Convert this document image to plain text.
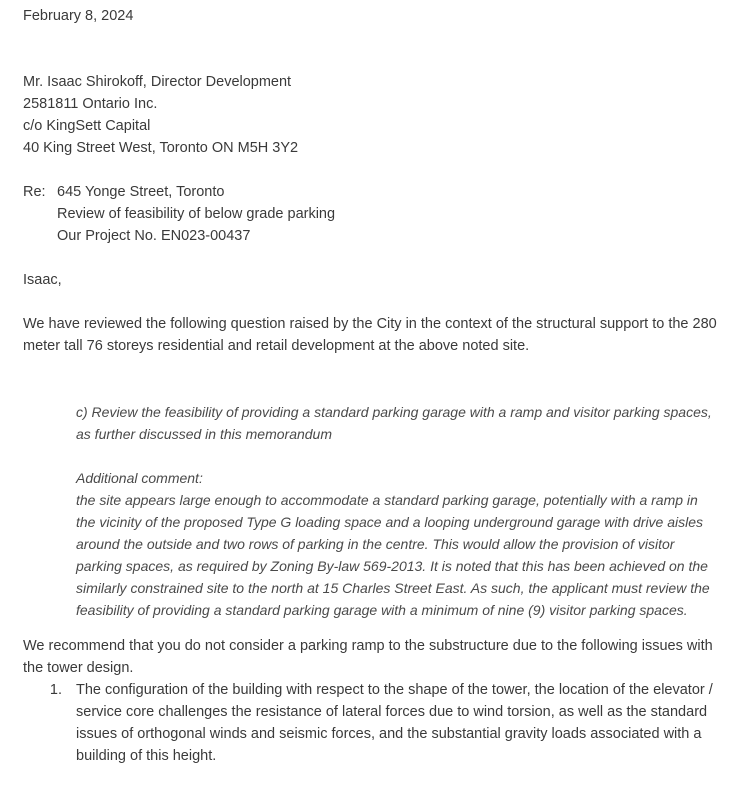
February 8, 2024
Mr. Isaac Shirokoff, Director Development
2581811 Ontario Inc.
c/o KingSett Capital
40 King Street West, Toronto ON M5H 3Y2
Re: 645 Yonge Street, Toronto
Review of feasibility of below grade parking
Our Project No. EN023-00437
Isaac,
We have reviewed the following question raised by the City in the context of the structural support to the 280 meter tall 76 storeys residential and retail development at the above noted site.
c) Review the feasibility of providing a standard parking garage with a ramp and visitor parking spaces, as further discussed in this memorandum
Additional comment:
the site appears large enough to accommodate a standard parking garage, potentially with a ramp in the vicinity of the proposed Type G loading space and a looping underground garage with drive aisles around the outside and two rows of parking in the centre. This would allow the provision of visitor parking spaces, as required by Zoning By-law 569-2013. It is noted that this has been achieved on the similarly constrained site to the north at 15 Charles Street East. As such, the applicant must review the feasibility of providing a standard parking garage with a minimum of nine (9) visitor parking spaces.
We recommend that you do not consider a parking ramp to the substructure due to the following issues with the tower design.
1. The configuration of the building with respect to the shape of the tower, the location of the elevator / service core challenges the resistance of lateral forces due to wind torsion, as well as the standard issues of orthogonal winds and seismic forces, and the substantial gravity loads associated with a building of this height.
